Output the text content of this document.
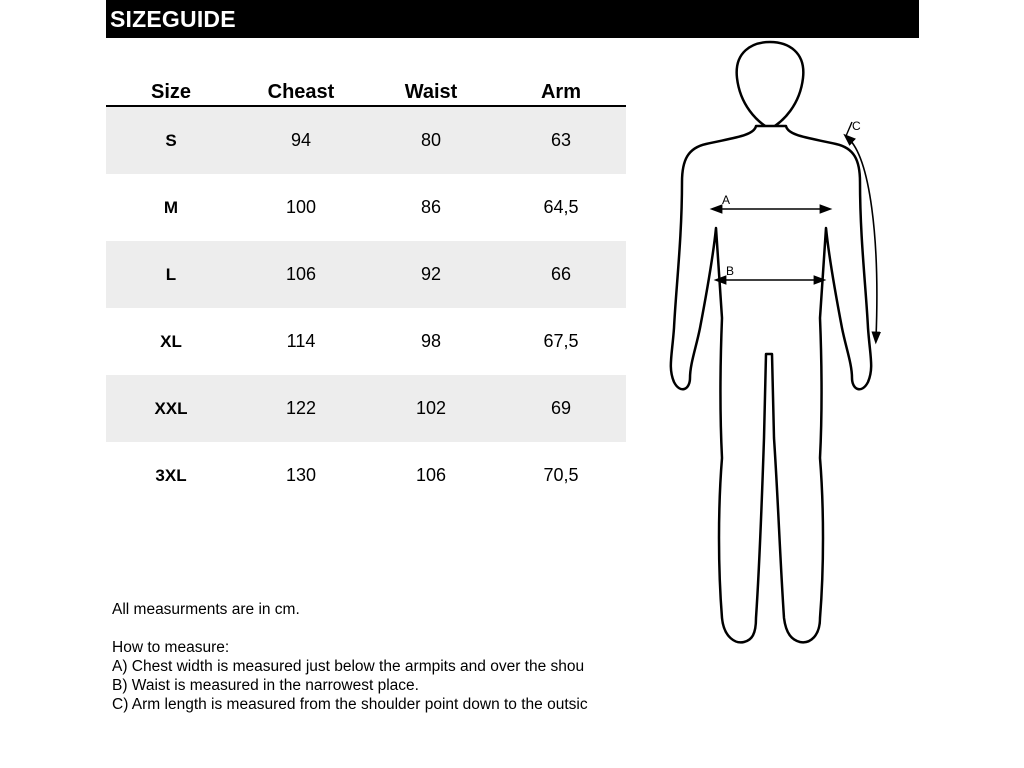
SIZEGUIDE
Size	Cheast	Waist	Arm
S	94	80	63
M	100	86	64,5
L	106	92	66
XL	114	98	67,5
XXL	122	102	69
3XL	130	106	70,5

All measurments are in cm.

How to measure:

A) Chest width is measured just below the armpits and over the shou

B) Waist is measured in the narrowest place.

C) Arm length is measured from the shoulder point down to the outsic

A
B
C
